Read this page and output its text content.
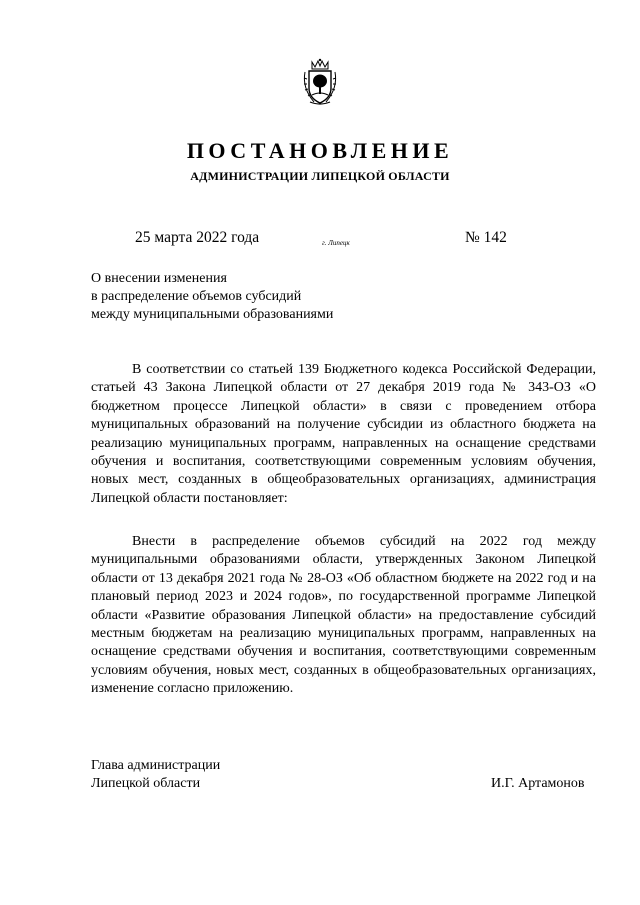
ПОСТАНОВЛЕНИЕ
АДМИНИСТРАЦИИ ЛИПЕЦКОЙ ОБЛАСТИ
25 марта 2022 года	г. Липецк	№ 142
О внесении изменения
в распределение объемов субсидий
между муниципальными образованиями

В соответствии со статьей 139 Бюджетного кодекса Российской Федерации, статьей 43 Закона Липецкой области от 27 декабря 2019 года № 343-ОЗ «О бюджетном процессе Липецкой области» в связи с проведением отбора муниципальных образований на получение субсидии из областного бюджета на реализацию муниципальных программ, направленных на оснащение средствами обучения и воспитания, соответствующими современным условиям обучения, новых мест, созданных в общеобразовательных организациях, администрация Липецкой области постановляет:

Внести в распределение объемов субсидий на 2022 год между муниципальными образованиями области, утвержденных Законом Липецкой области от 13 декабря 2021 года № 28-ОЗ «Об областном бюджете на 2022 год и на плановый период 2023 и 2024 годов», по государственной программе Липецкой области «Развитие образования Липецкой области» на предоставление субсидий местным бюджетам на реализацию муниципальных программ, направленных на оснащение средствами обучения и воспитания, соответствующими современным условиям обучения, новых мест, созданных в общеобразовательных организациях, изменение согласно приложению.

Глава администрации
Липецкой области	И.Г. Артамонов
